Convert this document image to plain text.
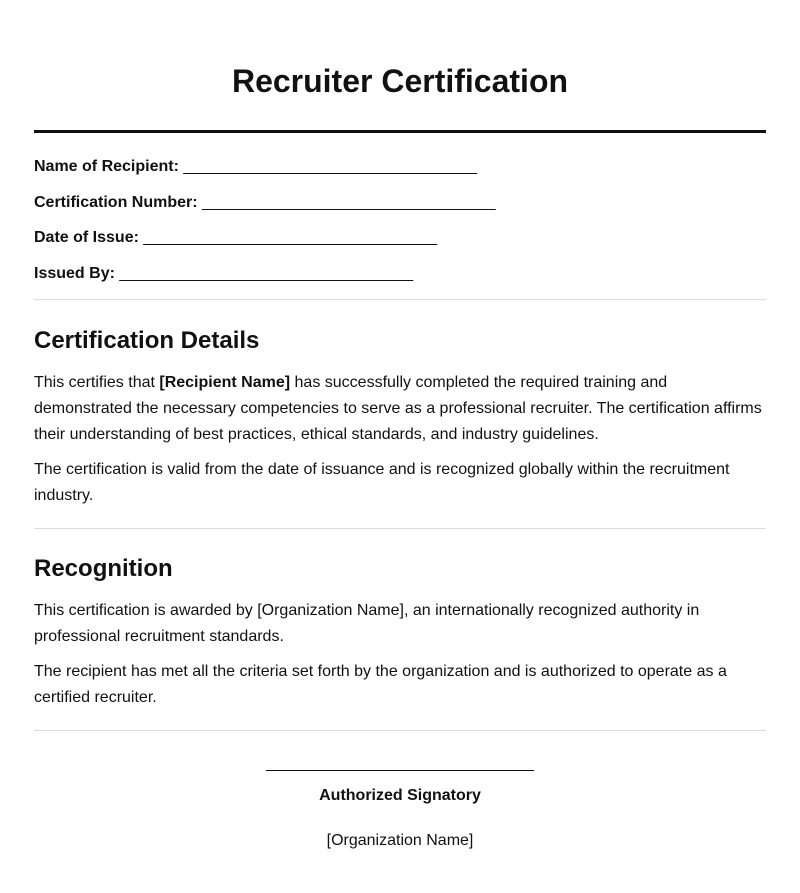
Recruiter Certification
Name of Recipient: _________________________________
Certification Number: _________________________________
Date of Issue: _________________________________
Issued By: _________________________________
Certification Details

This certifies that [Recipient Name] has successfully completed the required training and demonstrated the necessary competencies to serve as a professional recruiter. The certification affirms their understanding of best practices, ethical standards, and industry guidelines.

The certification is valid from the date of issuance and is recognized globally within the recruitment industry.

Recognition

This certification is awarded by [Organization Name], an internationally recognized authority in professional recruitment standards.

The recipient has met all the criteria set forth by the organization and is authorized to operate as a certified recruiter.

Authorized Signatory
[Organization Name]
